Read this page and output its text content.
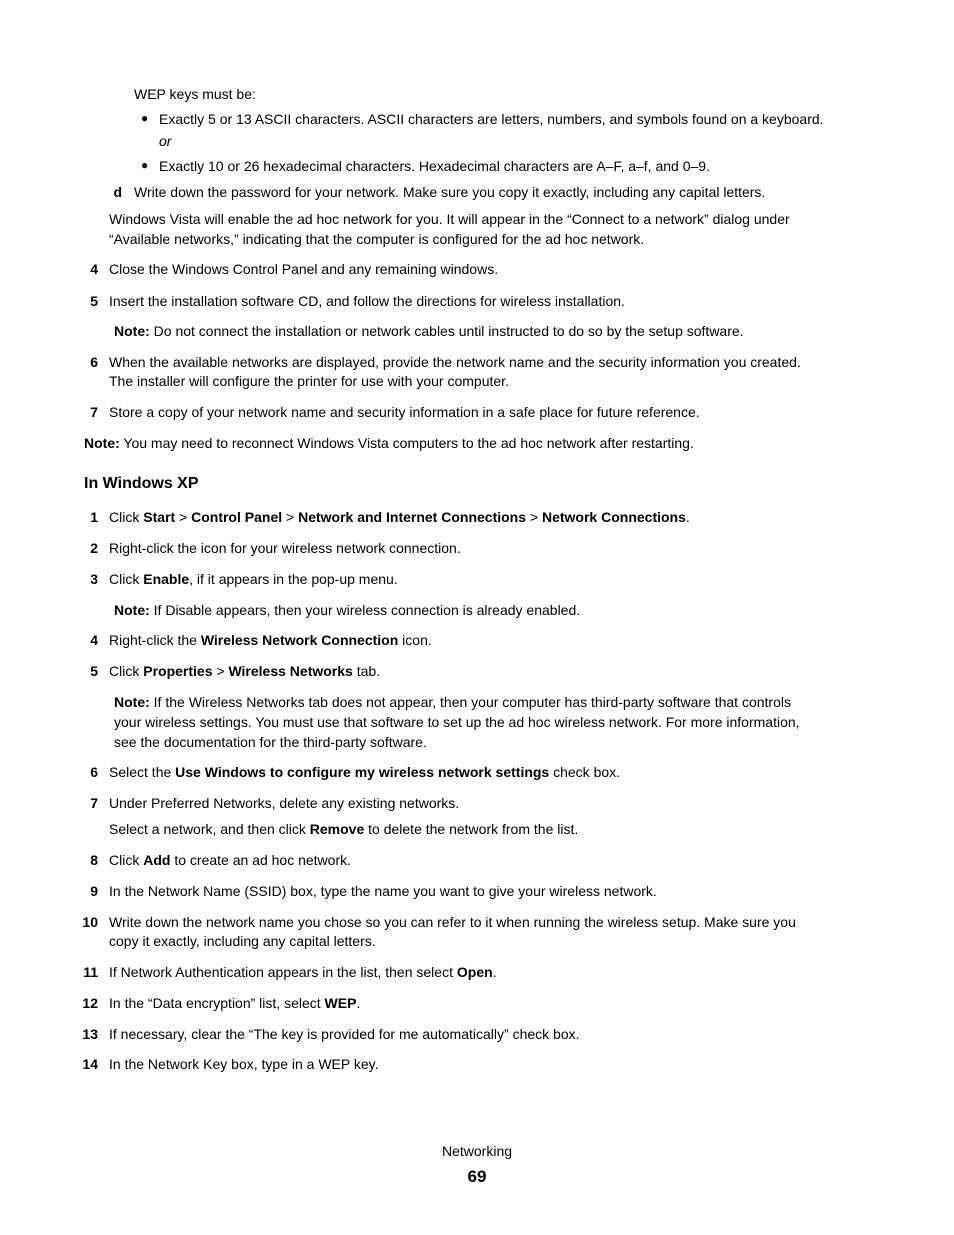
WEP keys must be:
● Exactly 5 or 13 ASCII characters. ASCII characters are letters, numbers, and symbols found on a keyboard.
or
● Exactly 10 or 26 hexadecimal characters. Hexadecimal characters are A–F, a–f, and 0–9.
d Write down the password for your network. Make sure you copy it exactly, including any capital letters.
Windows Vista will enable the ad hoc network for you. It will appear in the “Connect to a network” dialog under
“Available networks,” indicating that the computer is configured for the ad hoc network.
4 Close the Windows Control Panel and any remaining windows.
5 Insert the installation software CD, and follow the directions for wireless installation.
Note: Do not connect the installation or network cables until instructed to do so by the setup software.
6 When the available networks are displayed, provide the network name and the security information you created.
The installer will configure the printer for use with your computer.
7 Store a copy of your network name and security information in a safe place for future reference.
Note: You may need to reconnect Windows Vista computers to the ad hoc network after restarting.
In Windows XP
1 Click Start > Control Panel > Network and Internet Connections > Network Connections.
2 Right-click the icon for your wireless network connection.
3 Click Enable, if it appears in the pop-up menu.
Note: If Disable appears, then your wireless connection is already enabled.
4 Right-click the Wireless Network Connection icon.
5 Click Properties > Wireless Networks tab.
Note: If the Wireless Networks tab does not appear, then your computer has third-party software that controls
your wireless settings. You must use that software to set up the ad hoc wireless network. For more information,
see the documentation for the third-party software.
6 Select the Use Windows to configure my wireless network settings check box.
7 Under Preferred Networks, delete any existing networks.
Select a network, and then click Remove to delete the network from the list.
8 Click Add to create an ad hoc network.
9 In the Network Name (SSID) box, type the name you want to give your wireless network.
10 Write down the network name you chose so you can refer to it when running the wireless setup. Make sure you
copy it exactly, including any capital letters.
11 If Network Authentication appears in the list, then select Open.
12 In the “Data encryption” list, select WEP.
13 If necessary, clear the “The key is provided for me automatically” check box.
14 In the Network Key box, type in a WEP key.
Networking
69
